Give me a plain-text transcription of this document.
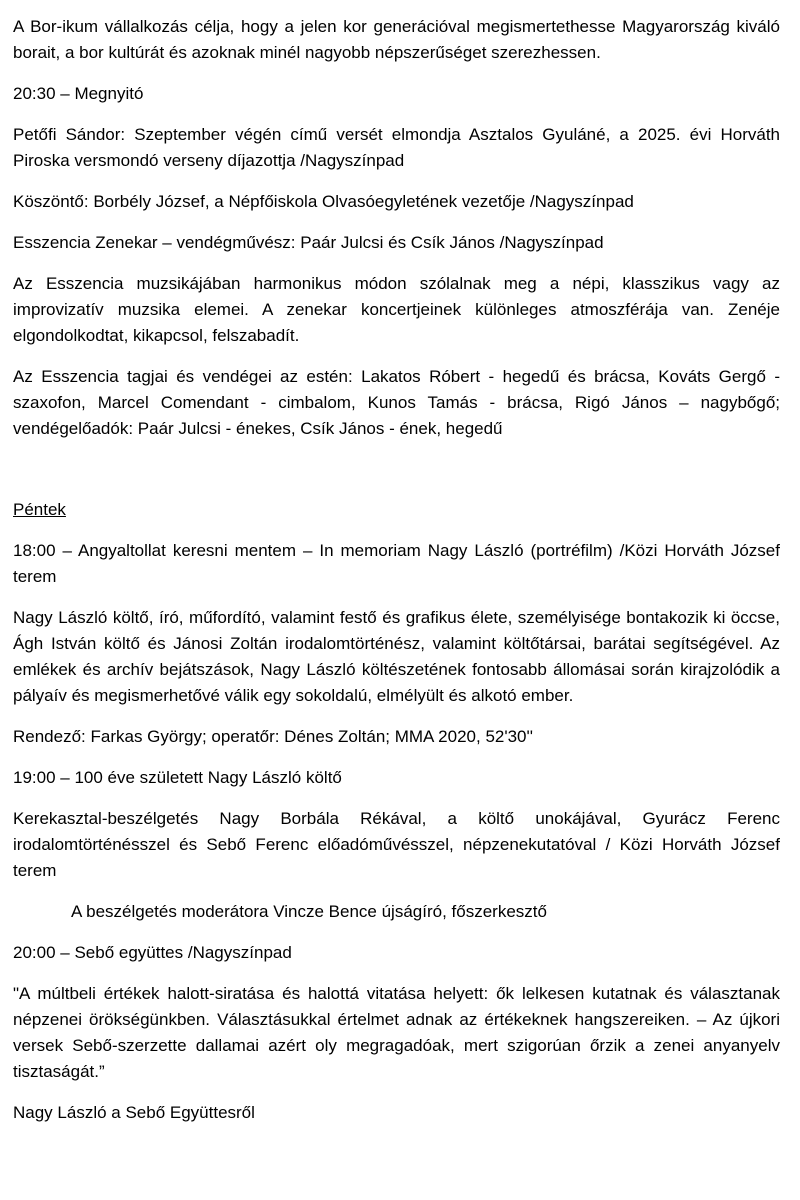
A Bor-ikum vállalkozás célja, hogy a jelen kor generációval megismertethesse Magyarország kiváló borait, a bor kultúrát és azoknak minél nagyobb népszerűséget szerezhessen.

20:30 – Megnyitó

Petőfi Sándor: Szeptember végén című versét elmondja Asztalos Gyuláné, a 2025. évi Horváth Piroska versmondó verseny díjazottja /Nagyszínpad

Köszöntő: Borbély József, a Népfőiskola Olvasóegyletének vezetője /Nagyszínpad

Esszencia Zenekar – vendégművész: Paár Julcsi és Csík János /Nagyszínpad

Az Esszencia muzsikájában harmonikus módon szólalnak meg a népi, klasszikus vagy az improvizatív muzsika elemei. A zenekar koncertjeinek különleges atmoszférája van. Zenéje elgondolkodtat, kikapcsol, felszabadít.

Az Esszencia tagjai és vendégei az estén: Lakatos Róbert - hegedű és brácsa, Kováts Gergő - szaxofon, Marcel Comendant - cimbalom, Kunos Tamás - brácsa, Rigó János – nagybőgő; vendégelőadók: Paár Julcsi - énekes, Csík János - ének, hegedű

Péntek

18:00 – Angyaltollat keresni mentem – In memoriam Nagy László (portréfilm) /Közi Horváth József terem

Nagy László költő, író, műfordító, valamint festő és grafikus élete, személyisége bontakozik ki öccse, Ágh István költő és Jánosi Zoltán irodalomtörténész, valamint költőtársai, barátai segítségével. Az emlékek és archív bejátszások, Nagy László költészetének fontosabb állomásai során kirajzolódik a pályaív és megismerhetővé válik egy sokoldalú, elmélyült és alkotó ember.

Rendező: Farkas György; operatőr: Dénes Zoltán; MMA 2020, 52'30''

19:00 – 100 éve született Nagy László költő

Kerekasztal-beszélgetés Nagy Borbála Rékával, a költő unokájával, Gyurácz Ferenc irodalomtörténésszel és Sebő Ferenc előadóművésszel, népzenekutatóval / Közi Horváth József terem

A beszélgetés moderátora Vincze Bence újságíró, főszerkesztő

20:00 – Sebő együttes /Nagyszínpad

"A múltbeli értékek halott-siratása és halottá vitatása helyett: ők lelkesen kutatnak és választanak népzenei örökségünkben. Választásukkal értelmet adnak az értékeknek hangszereiken. – Az újkori versek Sebő-szerzette dallamai azért oly megragadóak, mert szigorúan őrzik a zenei anyanyelv tisztaságát.”

Nagy László a Sebő Együttesről
